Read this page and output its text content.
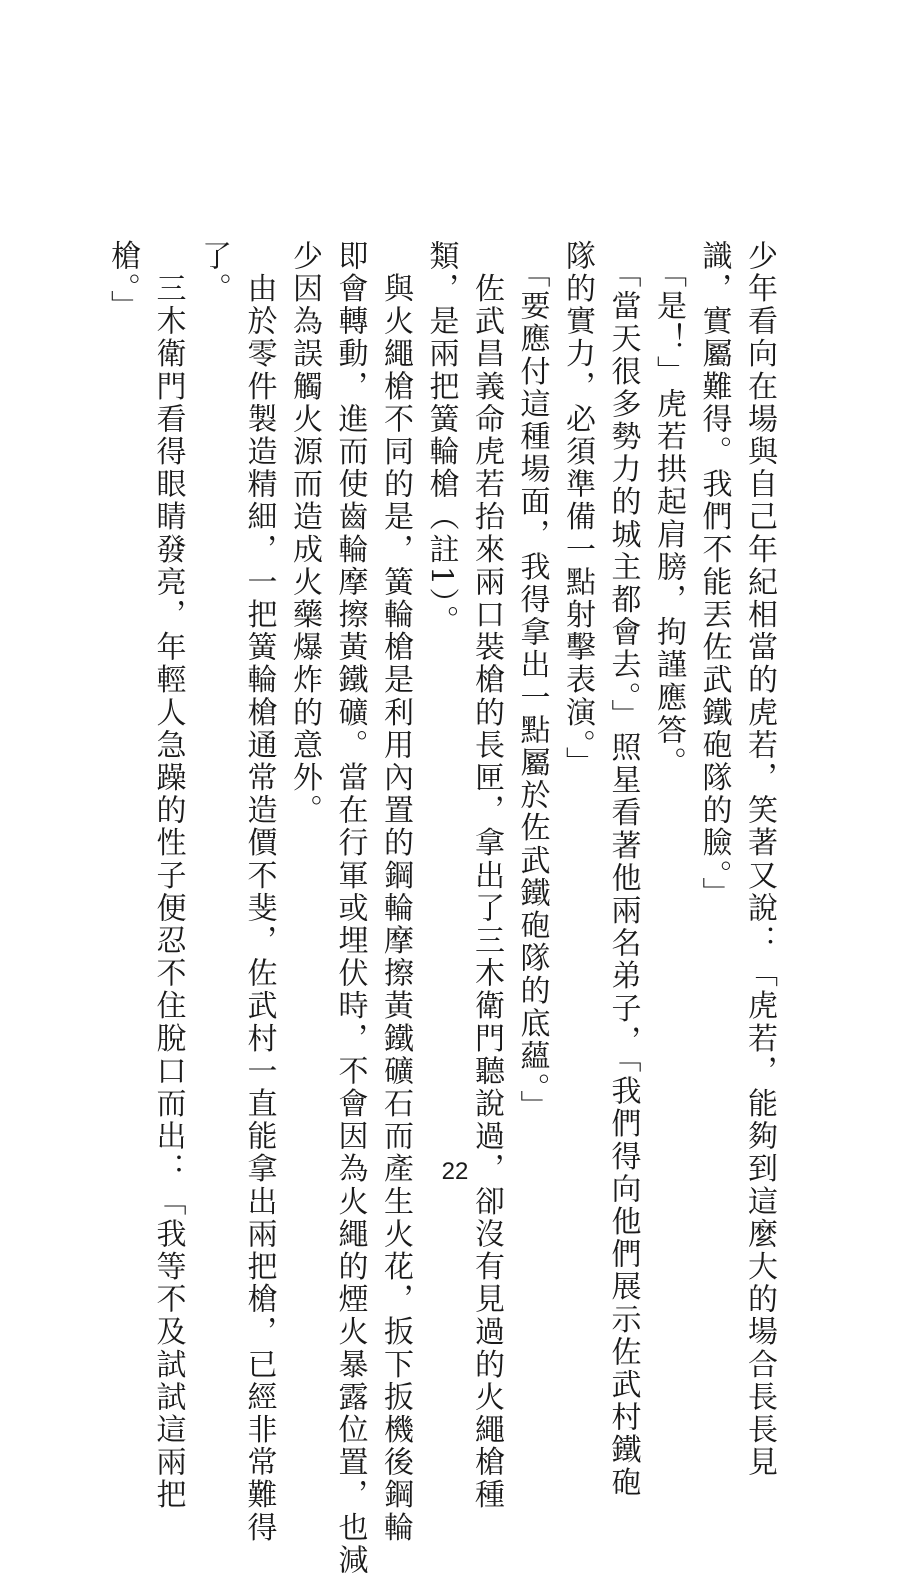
少年看向在場與自己年紀相當的虎若，笑著又說：「虎若，能夠到這麼大的場合長長見

識，實屬難得。我們不能丟佐武鐵砲隊的臉。」

　「是！」虎若拱起肩膀，拘謹應答。

　「當天很多勢力的城主都會去。」照星看著他兩名弟子，「我們得向他們展示佐武村鐵砲

隊的實力，必須準備一點射擊表演。」

　「要應付這種場面，我得拿出一點屬於佐武鐵砲隊的底蘊。」

　佐武昌義命虎若抬來兩口裝槍的長匣，拿出了三木衛門聽說過，卻沒有見過的火繩槍種

類，是兩把簧輪槍（註1）。

　與火繩槍不同的是，簧輪槍是利用內置的鋼輪摩擦黃鐵礦石而產生火花，扳下扳機後鋼輪

即會轉動，進而使齒輪摩擦黃鐵礦。當在行軍或埋伏時，不會因為火繩的煙火暴露位置，也減

少因為誤觸火源而造成火藥爆炸的意外。

　由於零件製造精細，一把簧輪槍通常造價不斐，佐武村一直能拿出兩把槍，已經非常難得

了。

　三木衛門看得眼睛發亮，年輕人急躁的性子便忍不住脫口而出：「我等不及試試這兩把

槍。」

22
